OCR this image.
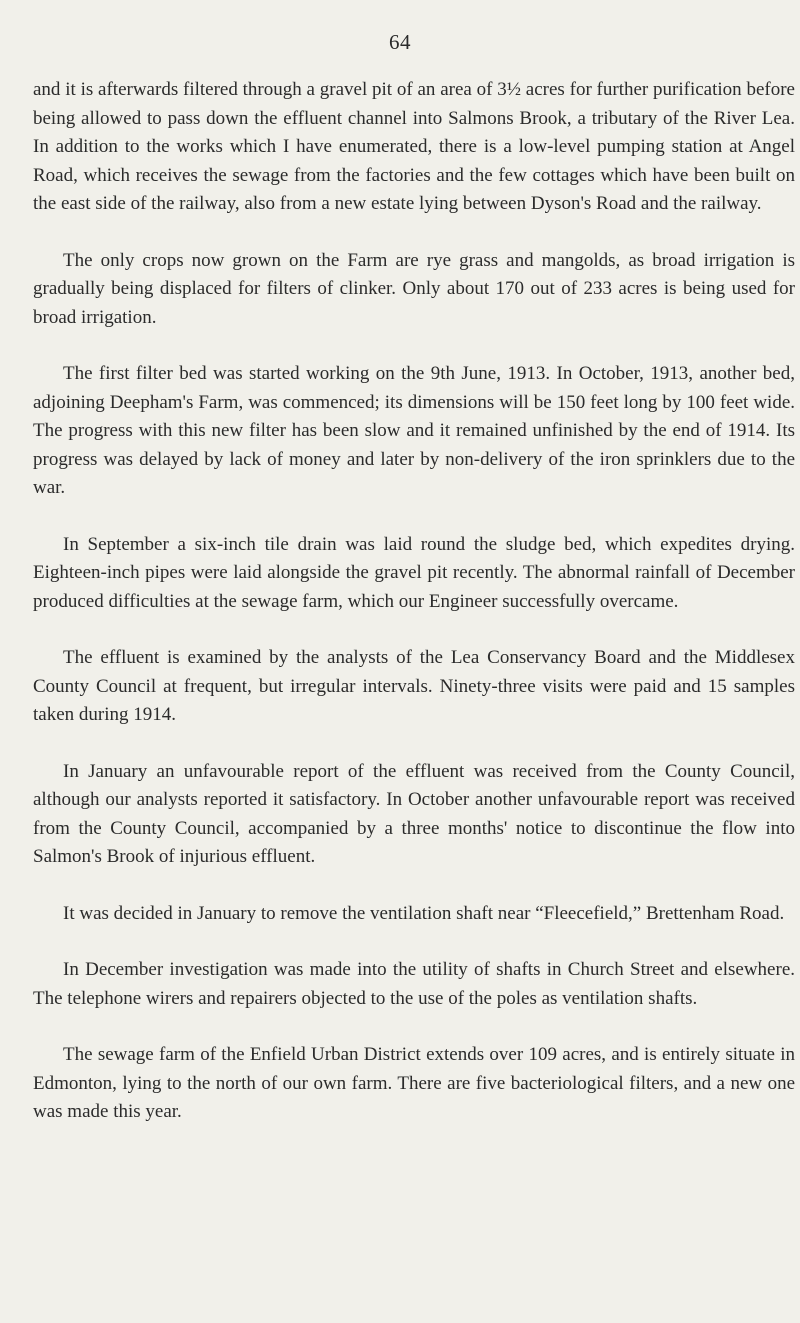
64

and it is afterwards filtered through a gravel pit of an area of 3½ acres for further purification before being allowed to pass down the effluent channel into Salmons Brook, a tributary of the River Lea. In addition to the works which I have enumerated, there is a low-level pumping station at Angel Road, which receives the sewage from the factories and the few cottages which have been built on the east side of the railway, also from a new estate lying between Dyson's Road and the railway.

The only crops now grown on the Farm are rye grass and mangolds, as broad irrigation is gradually being displaced for filters of clinker. Only about 170 out of 233 acres is being used for broad irrigation.

The first filter bed was started working on the 9th June, 1913. In October, 1913, another bed, adjoining Deepham's Farm, was commenced; its dimensions will be 150 feet long by 100 feet wide. The progress with this new filter has been slow and it remained unfinished by the end of 1914. Its progress was delayed by lack of money and later by non-delivery of the iron sprinklers due to the war.

In September a six-inch tile drain was laid round the sludge bed, which expedites drying. Eighteen-inch pipes were laid alongside the gravel pit recently. The abnormal rainfall of December produced difficulties at the sewage farm, which our Engineer successfully overcame.

The effluent is examined by the analysts of the Lea Conservancy Board and the Middlesex County Council at frequent, but irregular intervals. Ninety-three visits were paid and 15 samples taken during 1914.

In January an unfavourable report of the effluent was received from the County Council, although our analysts reported it satisfactory. In October another unfavourable report was received from the County Council, accompanied by a three months' notice to discontinue the flow into Salmon's Brook of injurious effluent.

It was decided in January to remove the ventilation shaft near “Fleecefield,” Brettenham Road.

In December investigation was made into the utility of shafts in Church Street and elsewhere. The telephone wirers and repairers objected to the use of the poles as ventilation shafts.

The sewage farm of the Enfield Urban District extends over 109 acres, and is entirely situate in Edmonton, lying to the north of our own farm. There are five bacteriological filters, and a new one was made this year.
